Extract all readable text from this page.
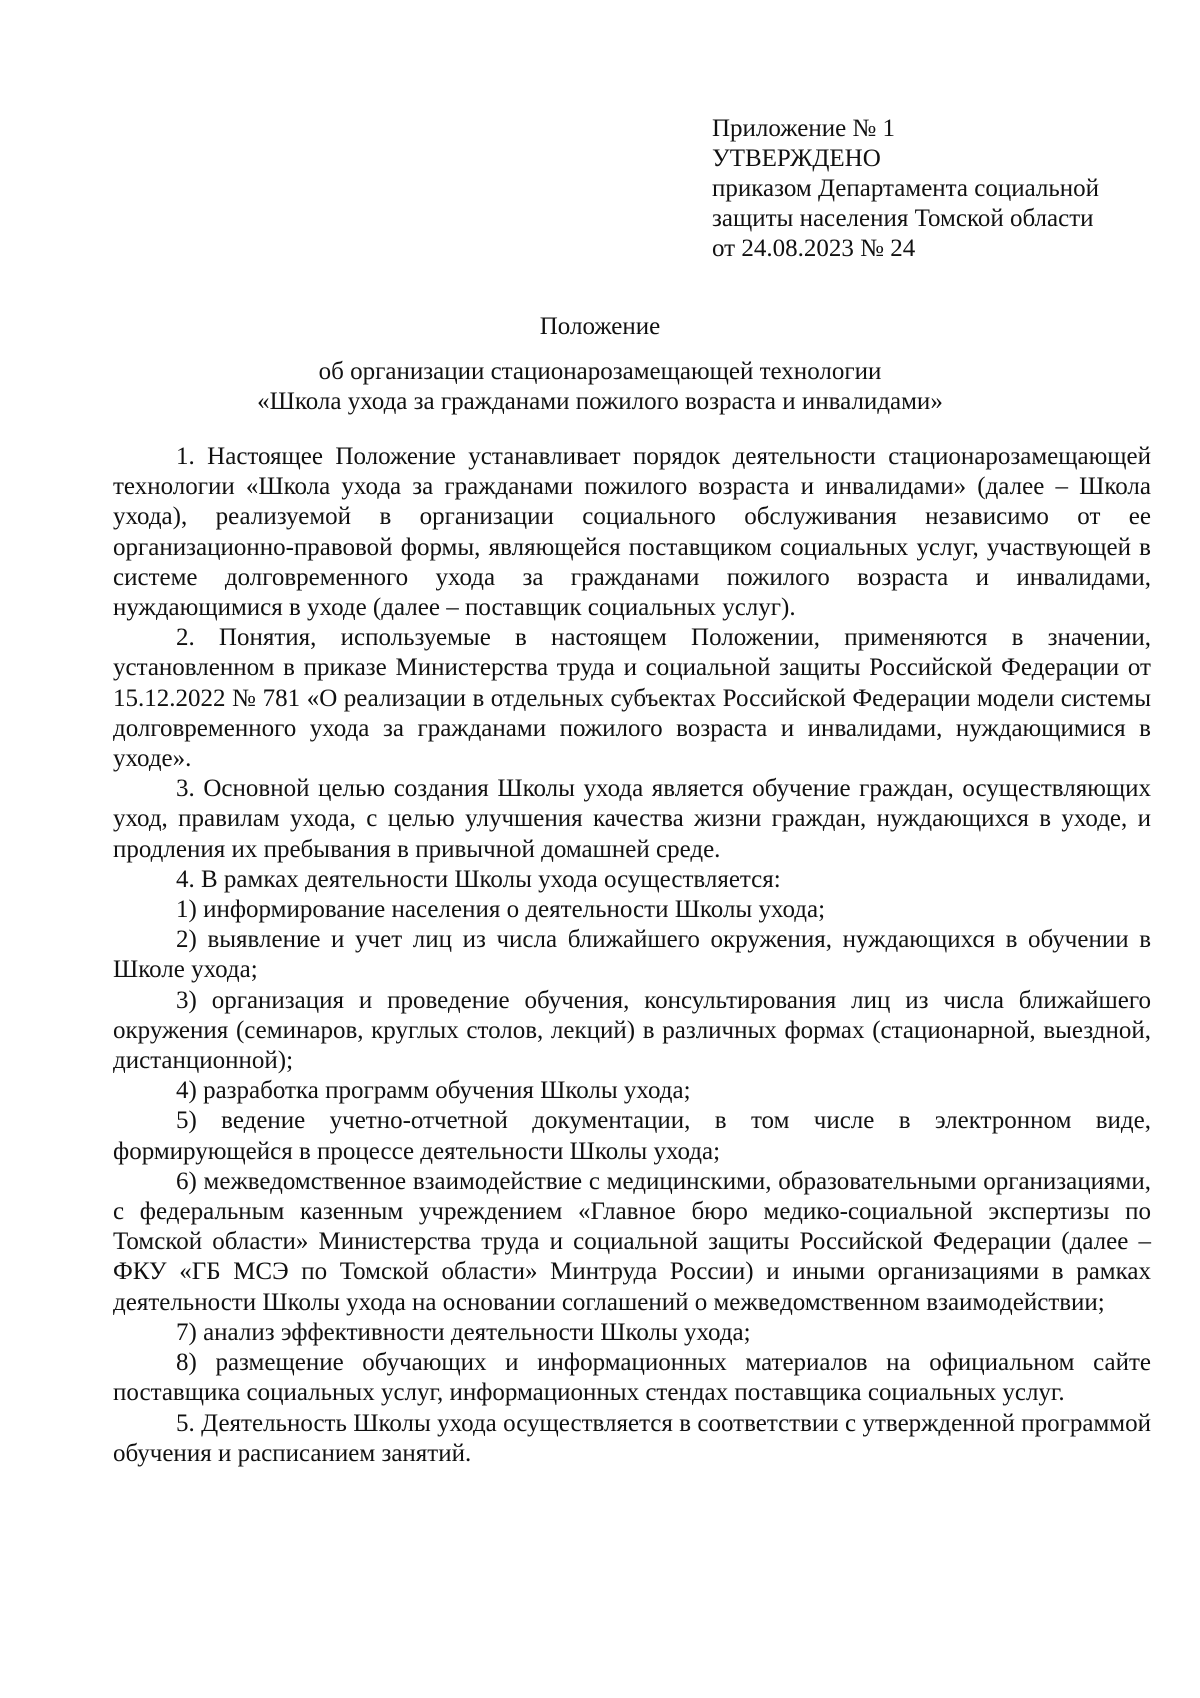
Приложение № 1
УТВЕРЖДЕНО
приказом Департамента социальной
защиты населения Томской области
от 24.08.2023 № 24
Положение
об организации стационарозамещающей технологии
«Школа ухода за гражданами пожилого возраста и инвалидами»

1. Настоящее Положение устанавливает порядок деятельности стационарозамещающей технологии «Школа ухода за гражданами пожилого возраста и инвалидами» (далее – Школа ухода), реализуемой в организации социального обслуживания независимо от ее организационно-правовой формы, являющейся поставщиком социальных услуг, участвующей в системе долговременного ухода за гражданами пожилого возраста и инвалидами, нуждающимися в уходе (далее – поставщик социальных услуг).

2. Понятия, используемые в настоящем Положении, применяются в значении, установленном в приказе Министерства труда и социальной защиты Российской Федерации от 15.12.2022 № 781 «О реализации в отдельных субъектах Российской Федерации модели системы долговременного ухода за гражданами пожилого возраста и инвалидами, нуждающимися в уходе».

3. Основной целью создания Школы ухода является обучение граждан, осуществляющих уход, правилам ухода, с целью улучшения качества жизни граждан, нуждающихся в уходе, и продления их пребывания в привычной домашней среде.

4. В рамках деятельности Школы ухода осуществляется:

1) информирование населения о деятельности Школы ухода;

2) выявление и учет лиц из числа ближайшего окружения, нуждающихся в обучении в Школе ухода;

3) организация и проведение обучения, консультирования лиц из числа ближайшего окружения (семинаров, круглых столов, лекций) в различных формах (стационарной, выездной, дистанционной);

4) разработка программ обучения Школы ухода;

5) ведение учетно-отчетной документации, в том числе в электронном виде, формирующейся в процессе деятельности Школы ухода;

6) межведомственное взаимодействие с медицинскими, образовательными организациями, с федеральным казенным учреждением «Главное бюро медико-социальной экспертизы по Томской области» Министерства труда и социальной защиты Российской Федерации (далее – ФКУ «ГБ МСЭ по Томской области» Минтруда России) и иными организациями в рамках деятельности Школы ухода на основании соглашений о межведомственном взаимодействии;

7) анализ эффективности деятельности Школы ухода;

8) размещение обучающих и информационных материалов на официальном сайте поставщика социальных услуг, информационных стендах поставщика социальных услуг.

5. Деятельность Школы ухода осуществляется в соответствии с утвержденной программой обучения и расписанием занятий.
